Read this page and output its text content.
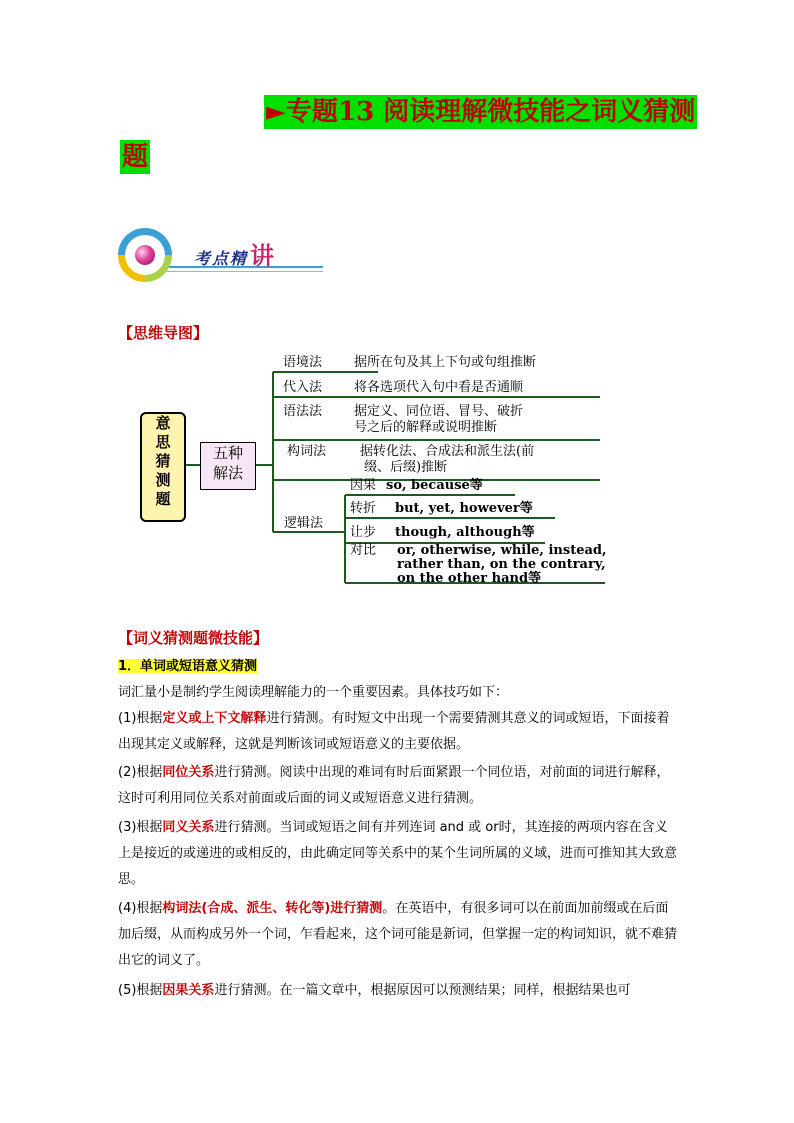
►专题13 阅读理解微技能之词义猜测
题
考点精讲
【思维导图】
意
思
猜
测
题
五种
解法
语境法 据所在句及其上下句或句组推断
代入法 将各选项代入句中看是否通顺
语法法 据定义、同位语、冒号、破折
号之后的解释或说明推断
构词法	据转化法、合成法和派生法(前
缀、后缀)推断
逻辑法
因果 so, because等
转折 but, yet, however等
让步 though, although等
对比 or, otherwise, while, instead,
rather than, on the contrary,
on the other hand等
【词义猜测题微技能】
1．单词或短语意义猜测
词汇量小是制约学生阅读理解能力的一个重要因素。具体技巧如下：
(1)根据定义或上下文解释进行猜测。有时短文中出现一个需要猜测其意义的词或短语，下面接着出现其定义或解释，这就是判断该词或短语意义的主要依据。
(2)根据同位关系进行猜测。阅读中出现的难词有时后面紧跟一个同位语，对前面的词进行解释，这时可利用同位关系对前面或后面的词义或短语意义进行猜测。
(3)根据同义关系进行猜测。当词或短语之间有并列连词 and 或 or时，其连接的两项内容在含义上是接近的或递进的或相反的，由此确定同等关系中的某个生词所属的义域，进而可推知其大致意思。
(4)根据构词法(合成、派生、转化等)进行猜测。在英语中，有很多词可以在前面加前缀或在后面加后缀，从而构成另外一个词，乍看起来，这个词可能是新词，但掌握一定的构词知识，就不难猜出它的词义了。
(5)根据因果关系进行猜测。在一篇文章中，根据原因可以预测结果；同样，根据结果也可
